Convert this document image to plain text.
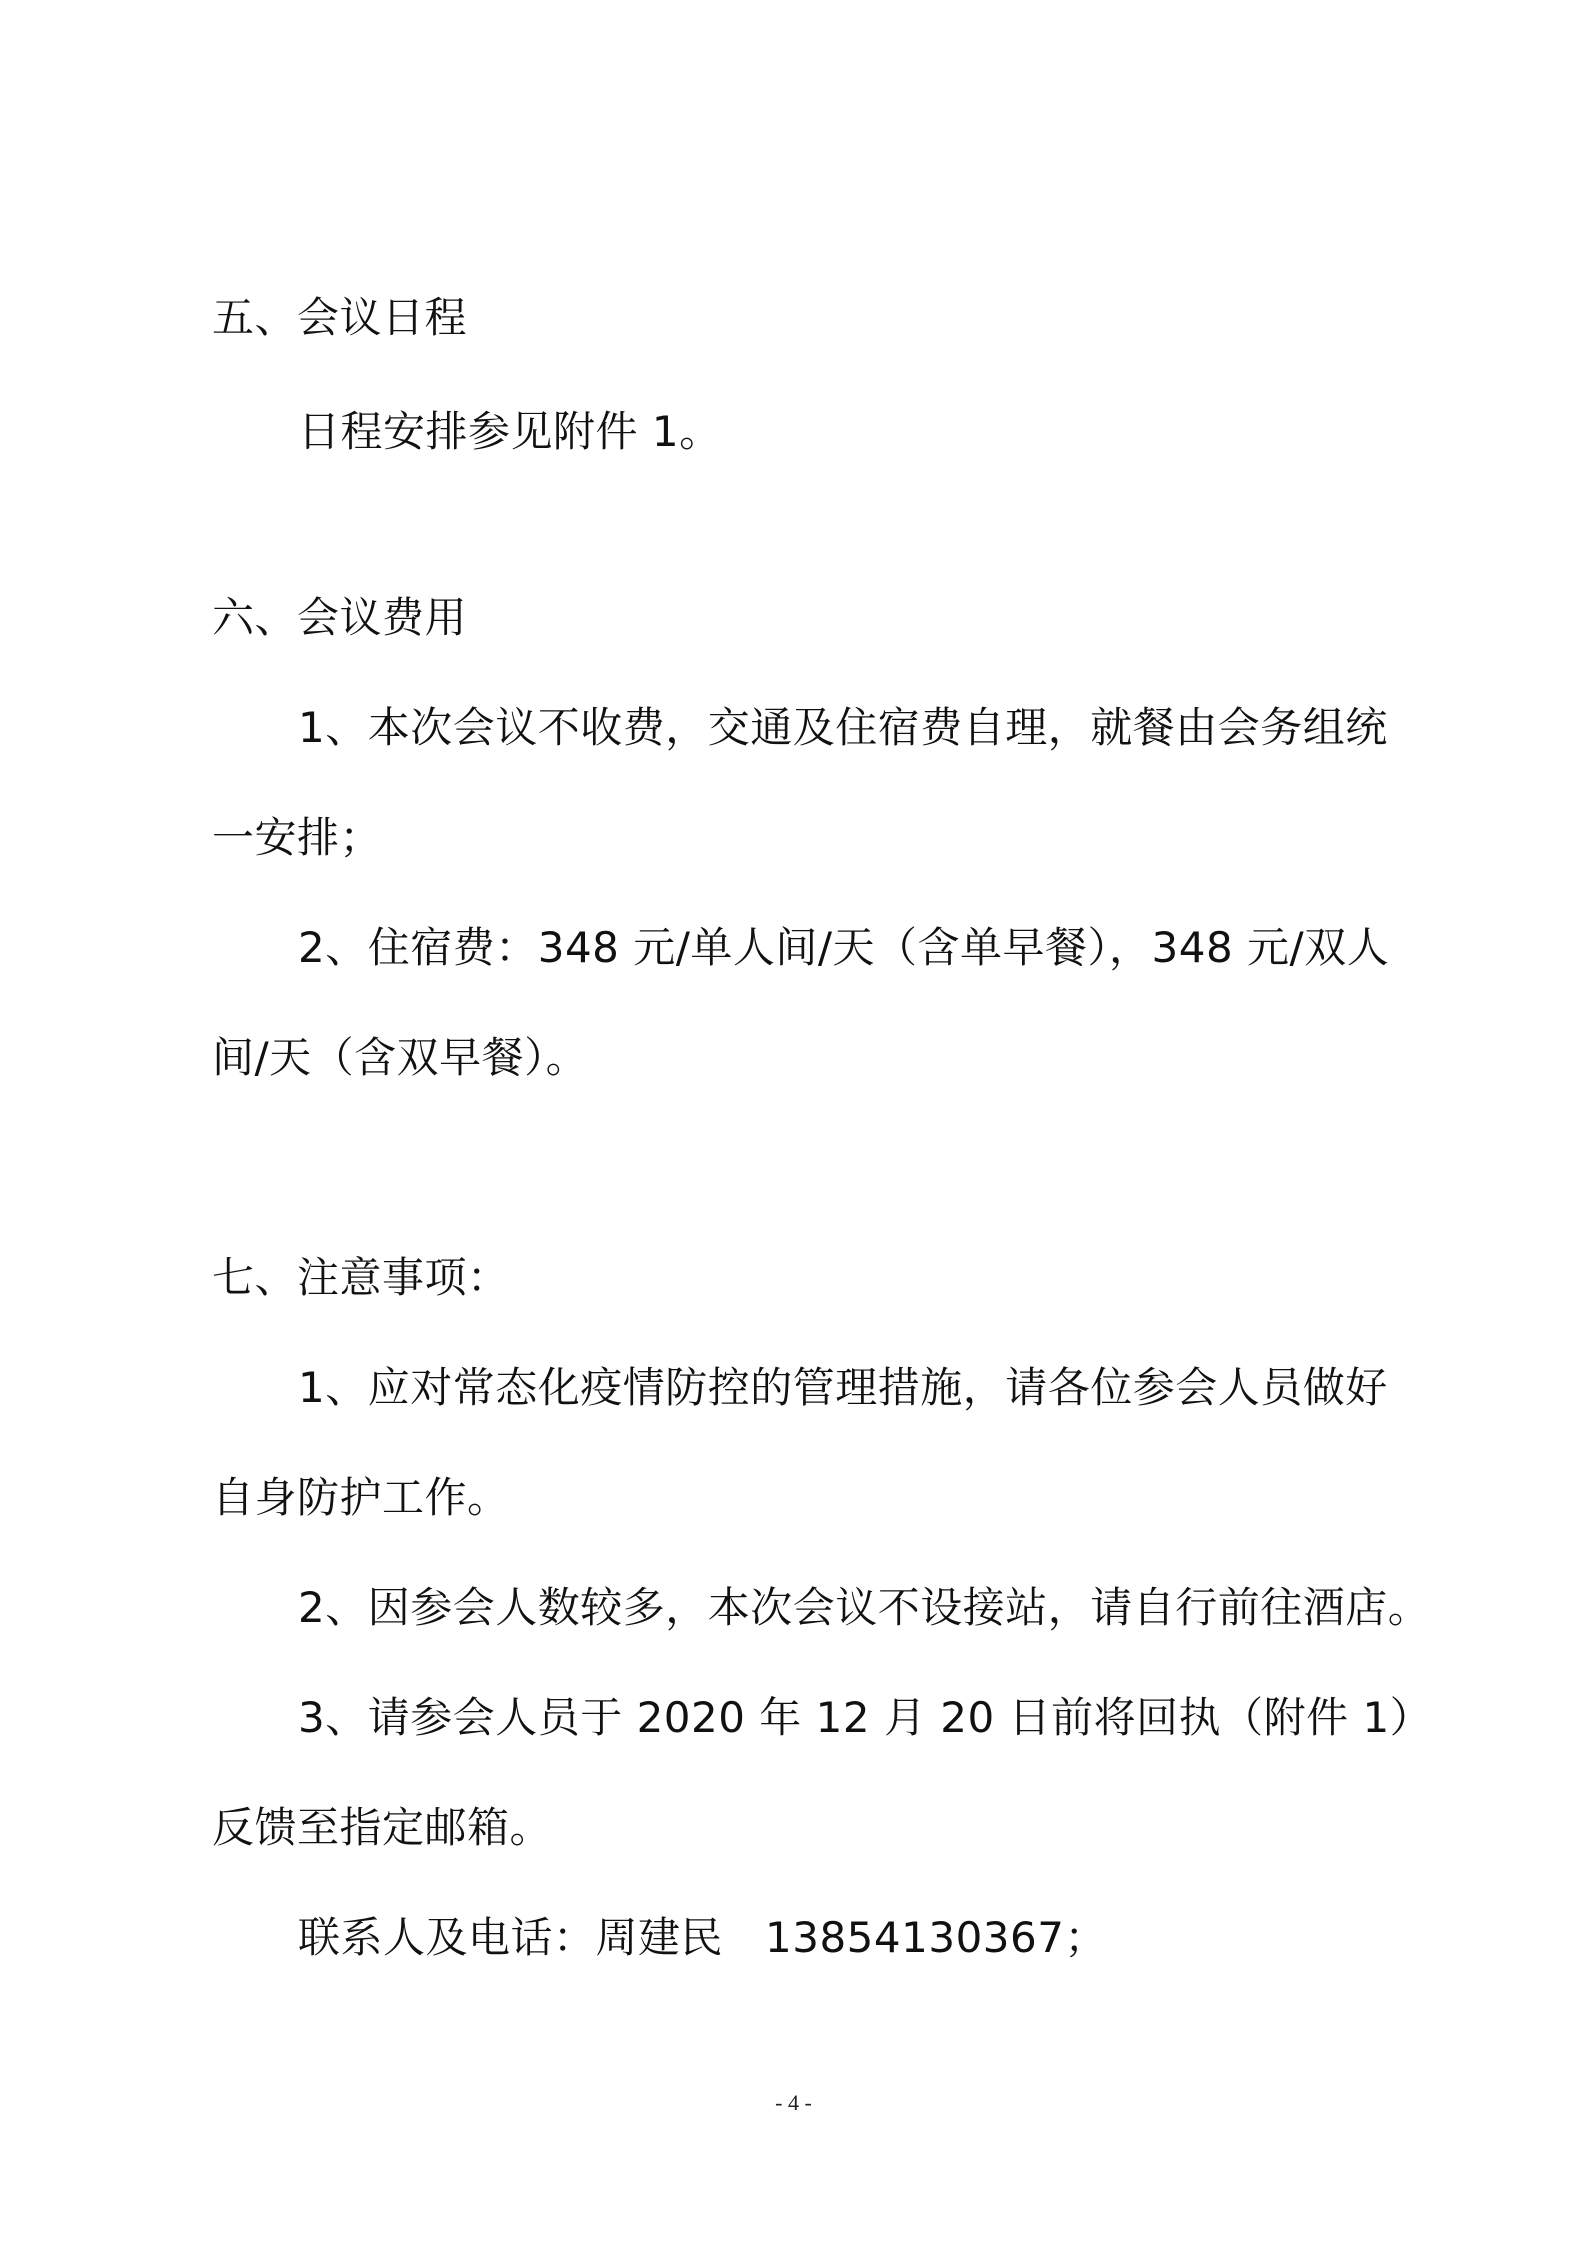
五、会议日程
日程安排参见附件 1。
六、会议费用
1、本次会议不收费，交通及住宿费自理，就餐由会务组统
一安排；
2、住宿费：348 元/单人间/天（含单早餐），348 元/双人
间/天（含双早餐）。
七、注意事项：
1、应对常态化疫情防控的管理措施，请各位参会人员做好
自身防护工作。
2、因参会人数较多，本次会议不设接站，请自行前往酒店。
3、请参会人员于 2020 年 12 月 20 日前将回执（附件 1）
反馈至指定邮箱。
联系人及电话：周建民 13854130367；
- 4 -
